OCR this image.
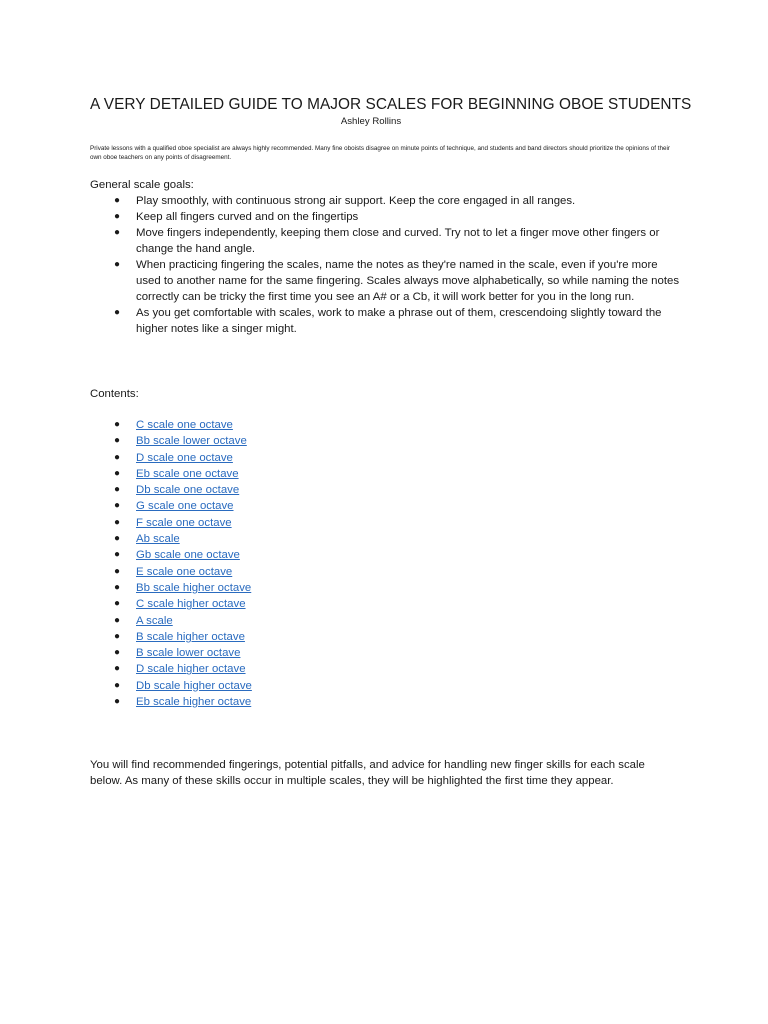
A VERY DETAILED GUIDE TO MAJOR SCALES FOR BEGINNING OBOE STUDENTS

Ashley Rollins

Private lessons with a qualified oboe specialist are always highly recommended. Many fine oboists disagree on minute points of technique, and students and band directors should prioritize the opinions of their own oboe teachers on any points of disagreement.

General scale goals:

● Play smoothly, with continuous strong air support. Keep the core engaged in all ranges.
● Keep all fingers curved and on the fingertips
● Move fingers independently, keeping them close and curved. Try not to let a finger move other fingers or change the hand angle.
● When practicing fingering the scales, name the notes as they're named in the scale, even if you're more used to another name for the same fingering. Scales always move alphabetically, so while naming the notes correctly can be tricky the first time you see an A# or a Cb, it will work better for you in the long run.
● As you get comfortable with scales, work to make a phrase out of them, crescendoing slightly toward the higher notes like a singer might.

Contents:

● C scale one octave
● Bb scale lower octave
● D scale one octave
● Eb scale one octave
● Db scale one octave
● G scale one octave
● F scale one octave
● Ab scale
● Gb scale one octave
● E scale one octave
● Bb scale higher octave
● C scale higher octave
● A scale
● B scale higher octave
● B scale lower octave
● D scale higher octave
● Db scale higher octave
● Eb scale higher octave

You will find recommended fingerings, potential pitfalls, and advice for handling new finger skills for each scale below. As many of these skills occur in multiple scales, they will be highlighted the first time they appear.
